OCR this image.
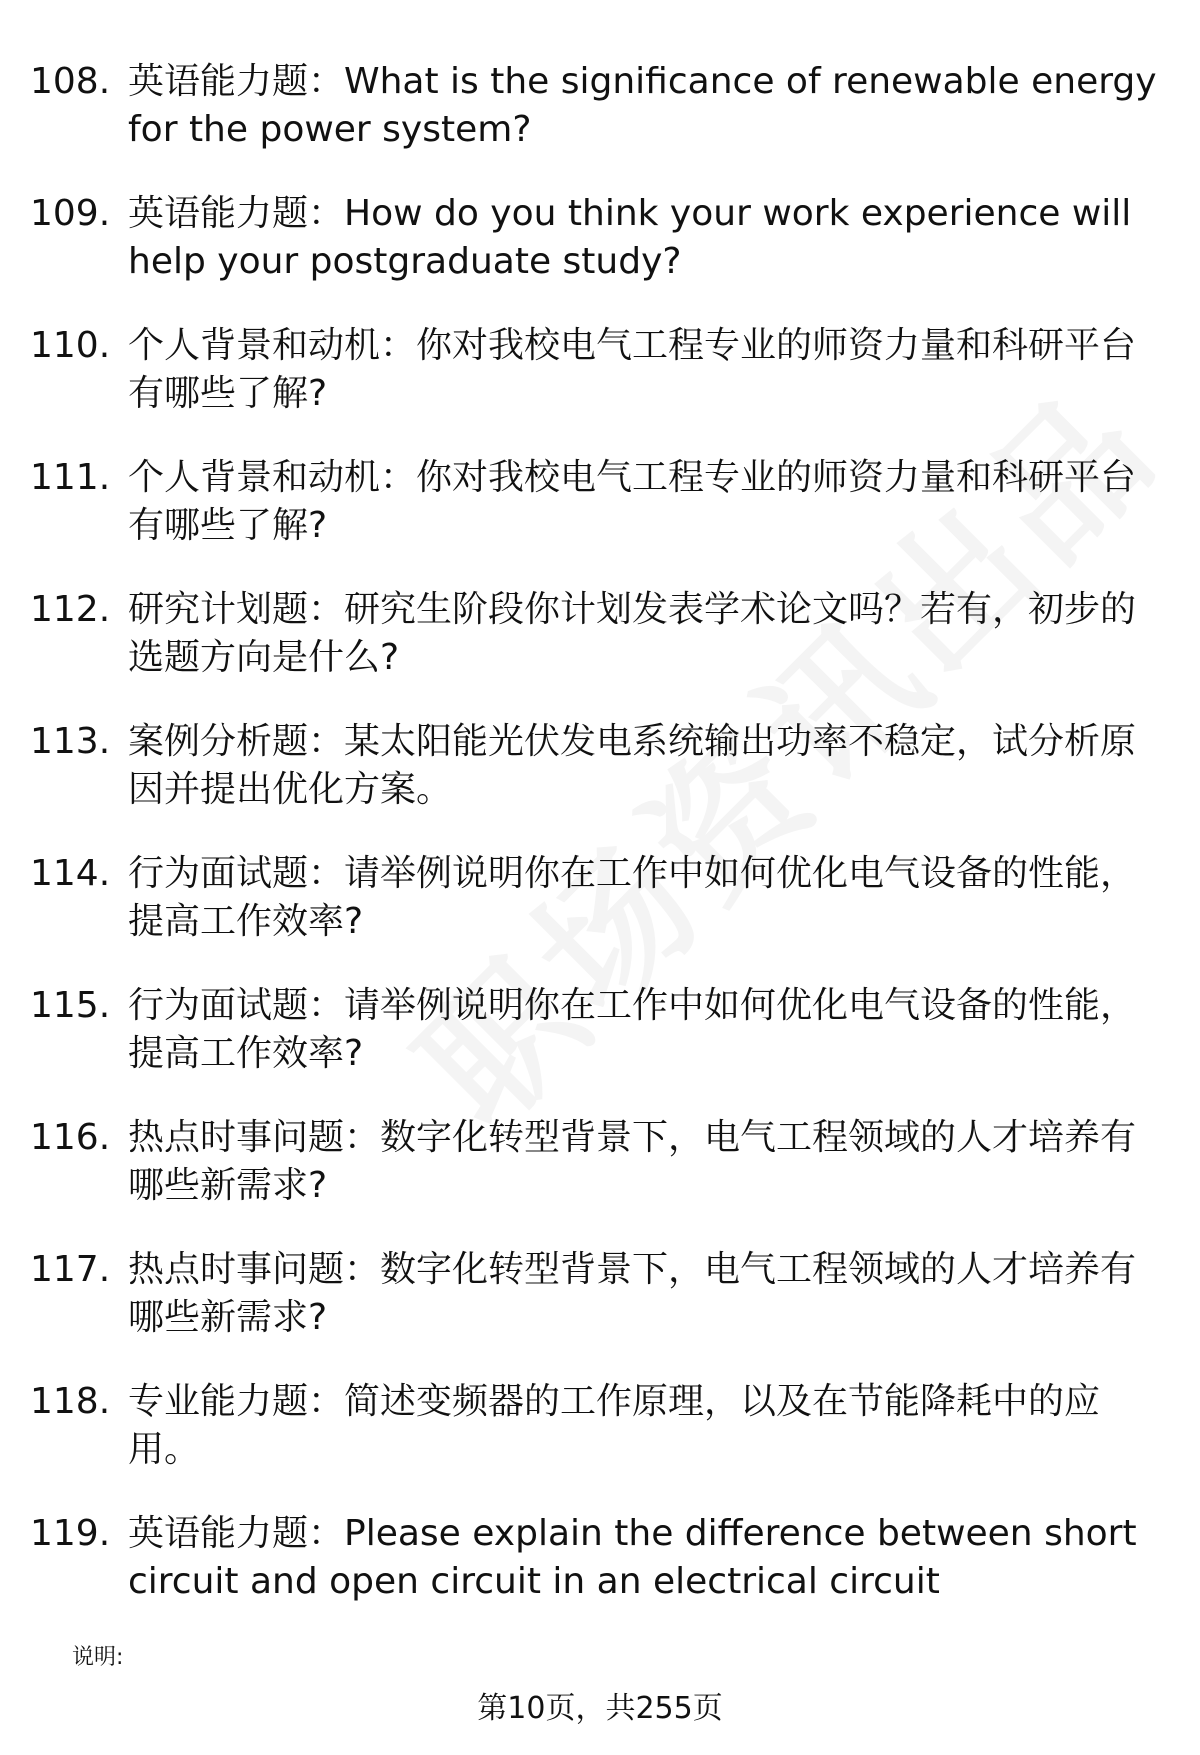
108. 英语能力题：What is the significance of renewable energy for the power system?
109. 英语能力题：How do you think your work experience will help your postgraduate study?
110. 个人背景和动机：你对我校电气工程专业的师资力量和科研平台有哪些了解?
111. 个人背景和动机：你对我校电气工程专业的师资力量和科研平台有哪些了解?
112. 研究计划题：研究生阶段你计划发表学术论文吗？若有，初步的选题方向是什么?
113. 案例分析题：某太阳能光伏发电系统输出功率不稳定，试分析原因并提出优化方案。
114. 行为面试题：请举例说明你在工作中如何优化电气设备的性能，提高工作效率?
115. 行为面试题：请举例说明你在工作中如何优化电气设备的性能，提高工作效率?
116. 热点时事问题：数字化转型背景下，电气工程领域的人才培养有哪些新需求?
117. 热点时事问题：数字化转型背景下，电气工程领域的人才培养有哪些新需求?
118. 专业能力题：简述变频器的工作原理，以及在节能降耗中的应用。
119. 英语能力题：Please explain the difference between short circuit and open circuit in an electrical circuit
说明:
第10页，共255页
